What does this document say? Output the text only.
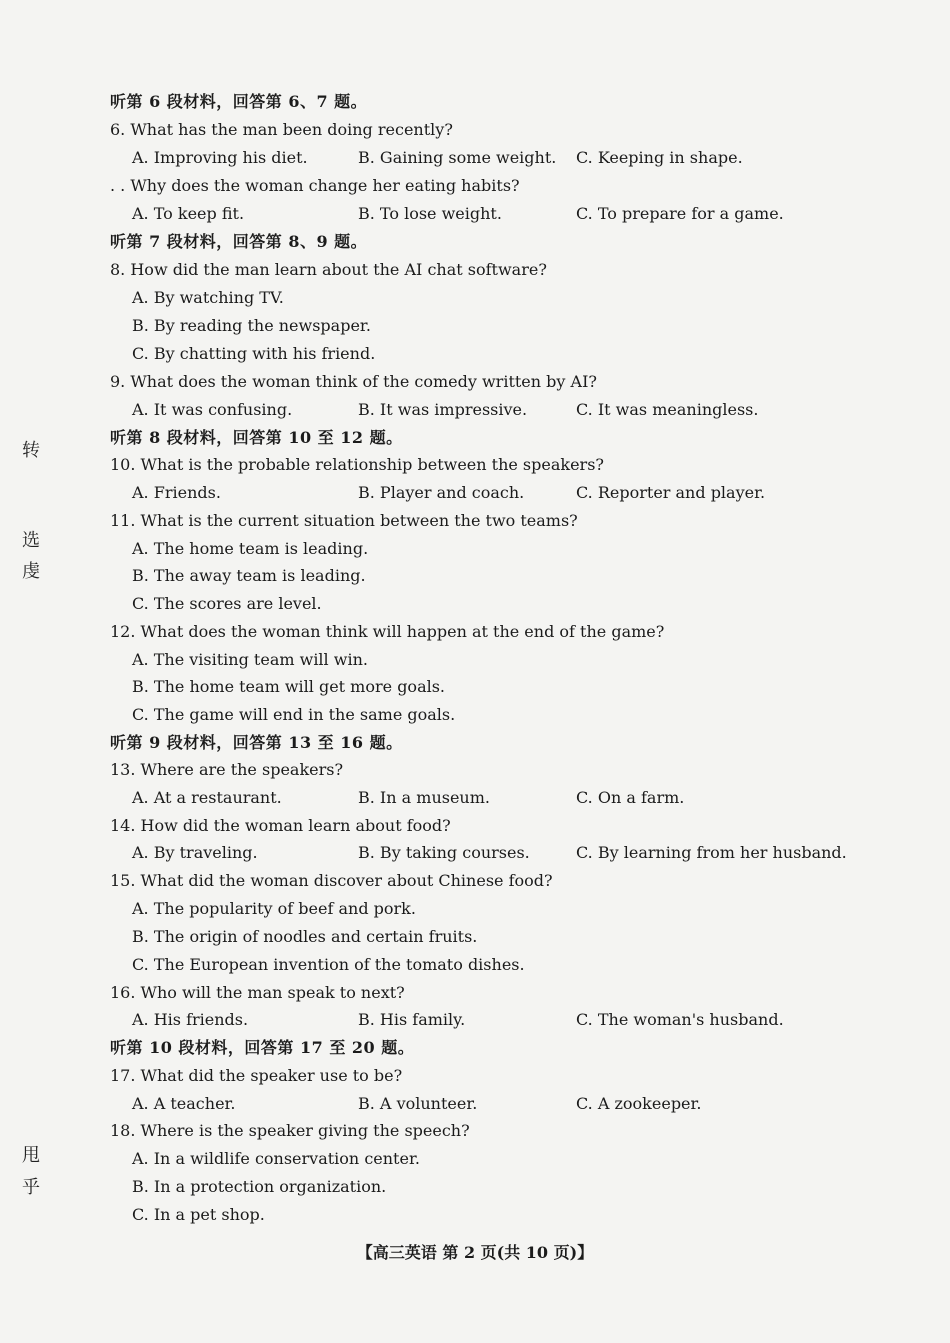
转
选
虔
甩
乎
听第 6 段材料，回答第 6、7 题。
6. What has the man been doing recently?
A. Improving his diet.	B. Gaining some weight. C. Keeping in shape.
. . Why does the woman change her eating habits?
A. To keep fit.	B. To lose weight.	C. To prepare for a game.
听第 7 段材料，回答第 8、9 题。
8. How did the man learn about the AI chat software?
A. By watching TV.
B. By reading the newspaper.
C. By chatting with his friend.
9. What does the woman think of the comedy written by AI?
A. It was confusing.	B. It was impressive.	C. It was meaningless.
听第 8 段材料，回答第 10 至 12 题。
10. What is the probable relationship between the speakers?
A. Friends.	B. Player and coach.	C. Reporter and player.
11. What is the current situation between the two teams?
A. The home team is leading.
B. The away team is leading.
C. The scores are level.
12. What does the woman think will happen at the end of the game?
A. The visiting team will win.
B. The home team will get more goals.
C. The game will end in the same goals.
听第 9 段材料，回答第 13 至 16 题。
13. Where are the speakers?
A. At a restaurant.	B. In a museum.	C. On a farm.
14. How did the woman learn about food?
A. By traveling.	B. By taking courses.	C. By learning from her husband.
15. What did the woman discover about Chinese food?
A. The popularity of beef and pork.
B. The origin of noodles and certain fruits.
C. The European invention of the tomato dishes.
16. Who will the man speak to next?
A. His friends.	B. His family.	C. The woman's husband.
听第 10 段材料，回答第 17 至 20 题。
17. What did the speaker use to be?
A. A teacher.	B. A volunteer.	C. A zookeeper.
18. Where is the speaker giving the speech?
A. In a wildlife conservation center.
B. In a protection organization.
C. In a pet shop.
【高三英语 第 2 页(共 10 页)】
